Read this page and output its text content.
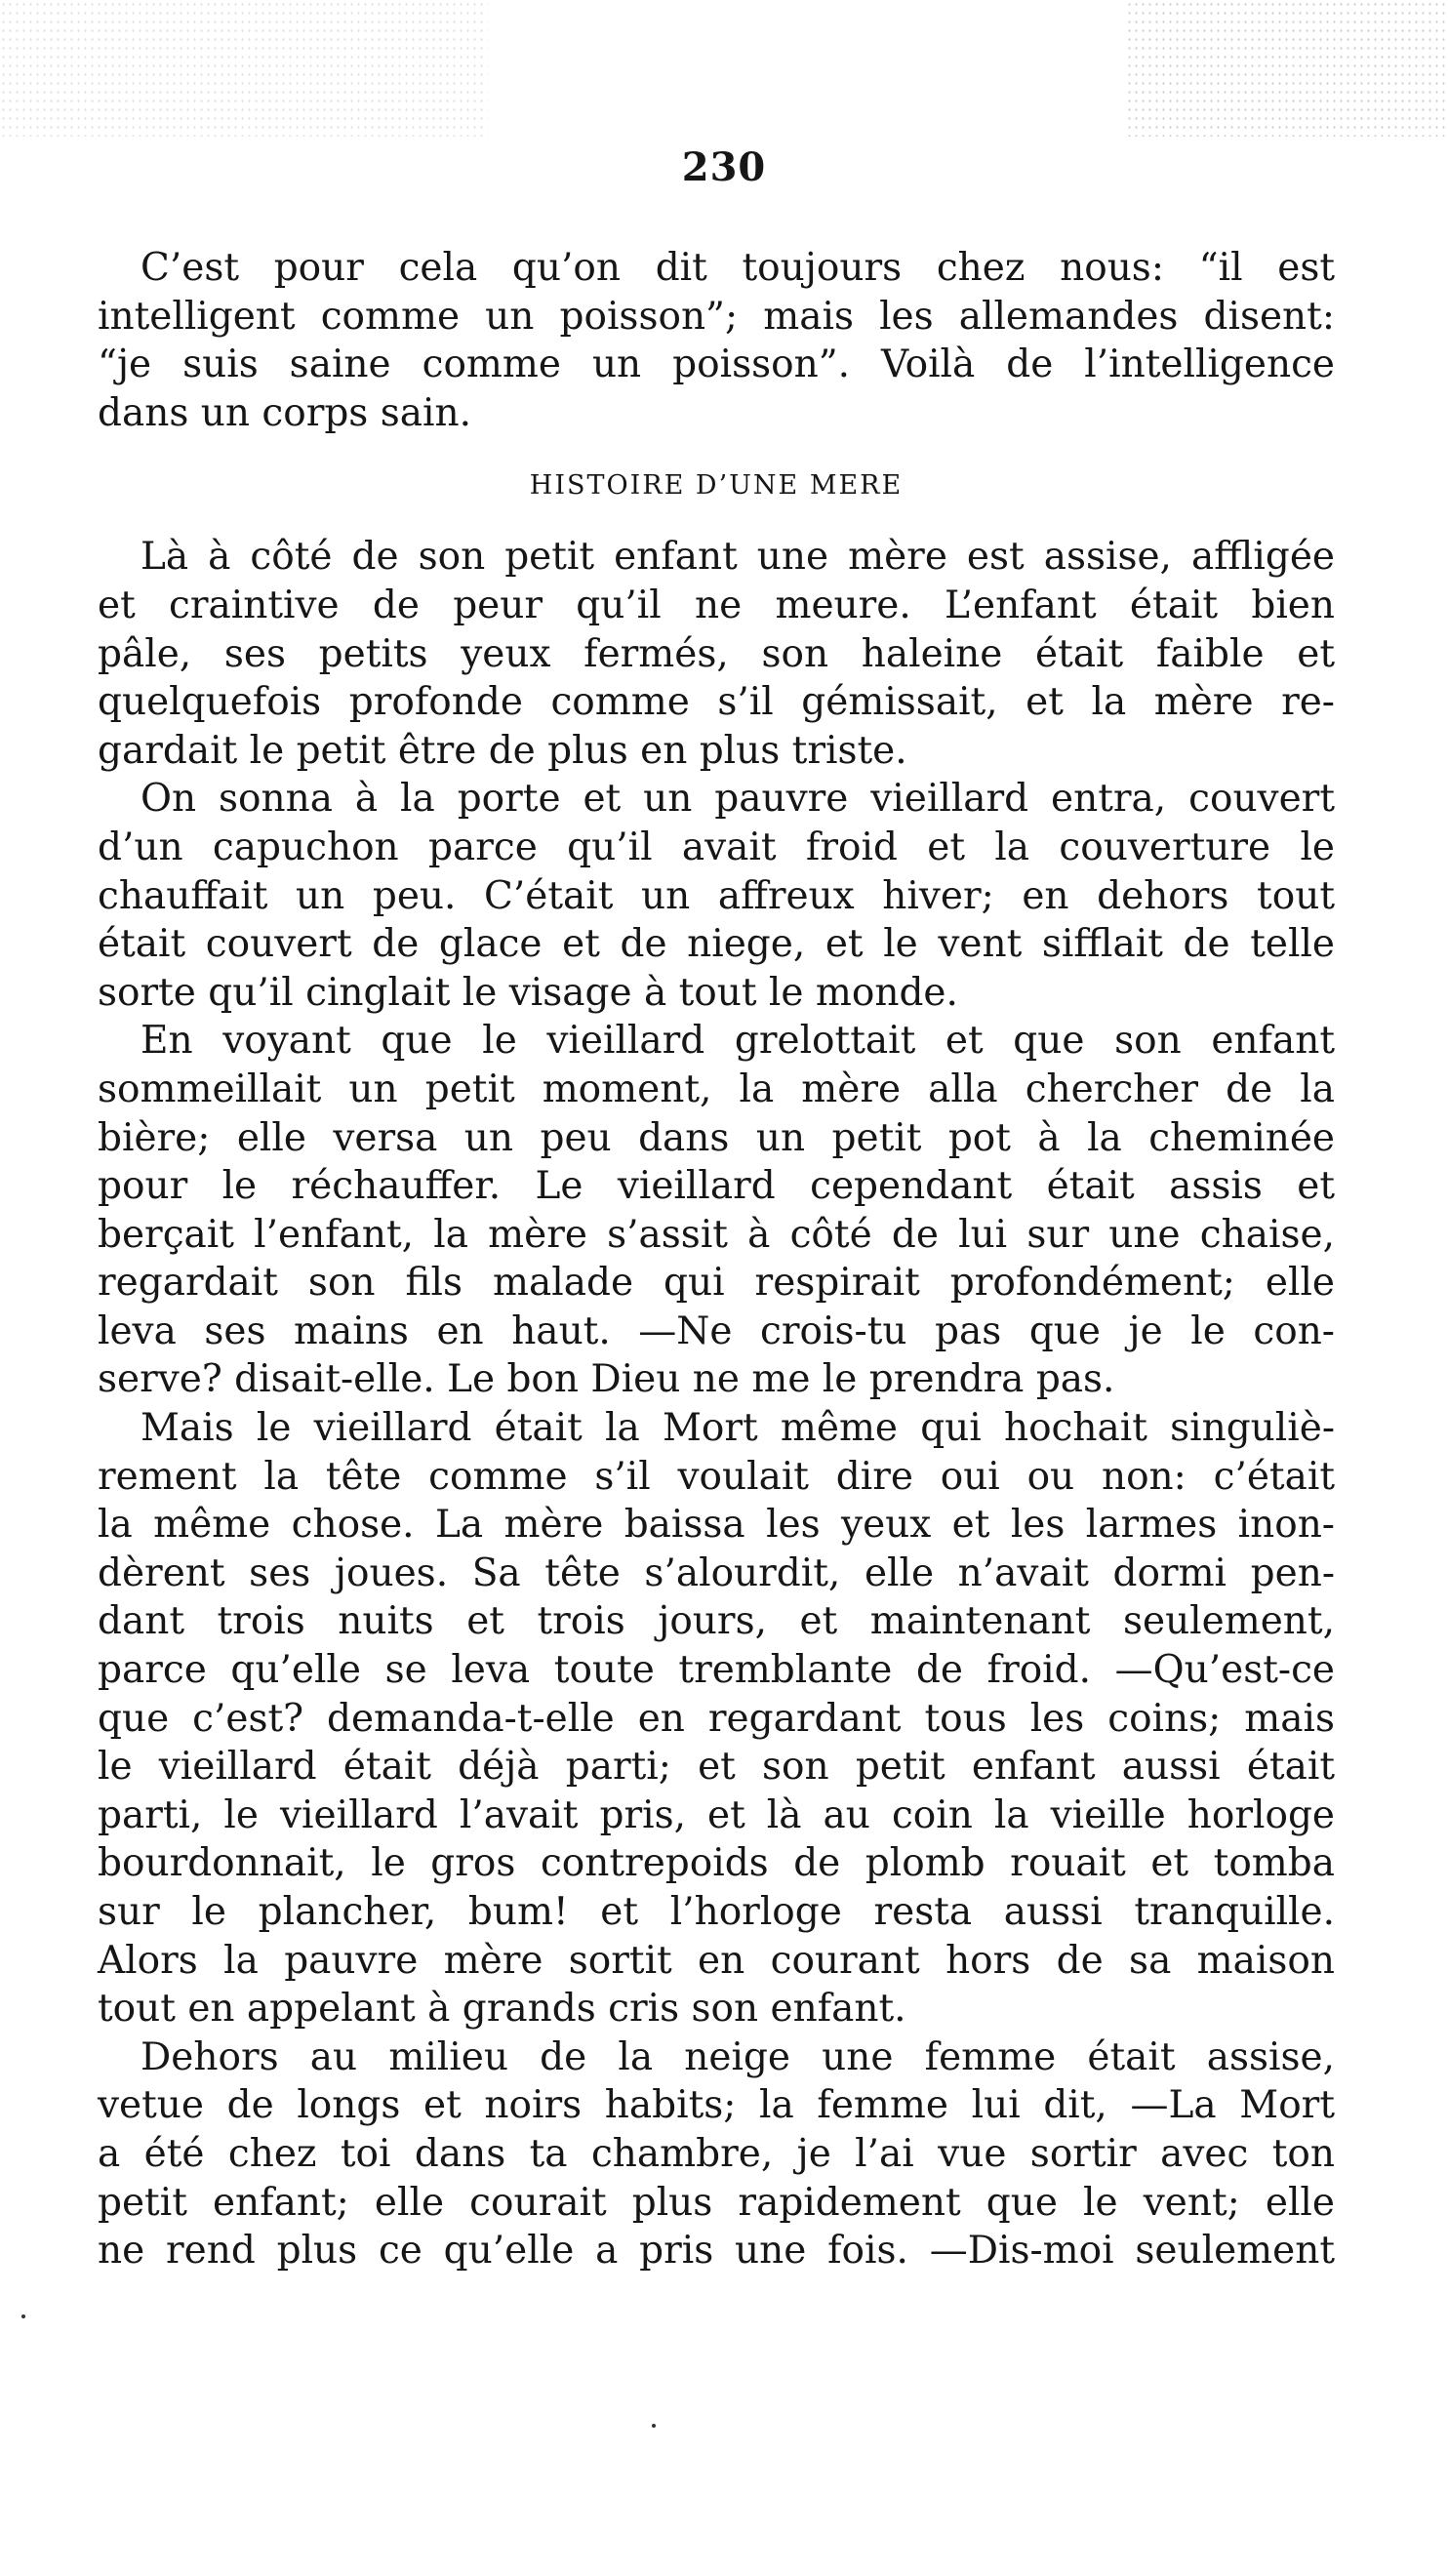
230
C’est pour cela qu’on dit toujours chez nous: “il est
intelligent comme un poisson”; mais les allemandes disent:
“je suis saine comme un poisson”. Voilà de l’intelligence
dans un corps sain.
HISTOIRE D’UNE MERE
Là à côté de son petit enfant une mère est assise, affligée
et craintive de peur qu’il ne meure. L’enfant était bien
pâle, ses petits yeux fermés, son haleine était faible et
quelquefois profonde comme s’il gémissait, et la mère re-
gardait le petit être de plus en plus triste.
On sonna à la porte et un pauvre vieillard entra, couvert
d’un capuchon parce qu’il avait froid et la couverture le
chauffait un peu. C’était un affreux hiver; en dehors tout
était couvert de glace et de niege, et le vent sifflait de telle
sorte qu’il cinglait le visage à tout le monde.
En voyant que le vieillard grelottait et que son enfant
sommeillait un petit moment, la mère alla chercher de la
bière; elle versa un peu dans un petit pot à la cheminée
pour le réchauffer. Le vieillard cependant était assis et
berçait l’enfant, la mère s’assit à côté de lui sur une chaise,
regardait son fils malade qui respirait profondément; elle
leva ses mains en haut. —Ne crois-tu pas que je le con-
serve? disait-elle. Le bon Dieu ne me le prendra pas.
Mais le vieillard était la Mort même qui hochait singuliè-
rement la tête comme s’il voulait dire oui ou non: c’était
la même chose. La mère baissa les yeux et les larmes inon-
dèrent ses joues. Sa tête s’alourdit, elle n’avait dormi pen-
dant trois nuits et trois jours, et maintenant seulement,
parce qu’elle se leva toute tremblante de froid. —Qu’est-ce
que c’est? demanda-t-elle en regardant tous les coins; mais
le vieillard était déjà parti; et son petit enfant aussi était
parti, le vieillard l’avait pris, et là au coin la vieille horloge
bourdonnait, le gros contrepoids de plomb rouait et tomba
sur le plancher, bum! et l’horloge resta aussi tranquille.
Alors la pauvre mère sortit en courant hors de sa maison
tout en appelant à grands cris son enfant.
Dehors au milieu de la neige une femme était assise,
vetue de longs et noirs habits; la femme lui dit, —La Mort
a été chez toi dans ta chambre, je l’ai vue sortir avec ton
petit enfant; elle courait plus rapidement que le vent; elle
ne rend plus ce qu’elle a pris une fois. —Dis-moi seulement
